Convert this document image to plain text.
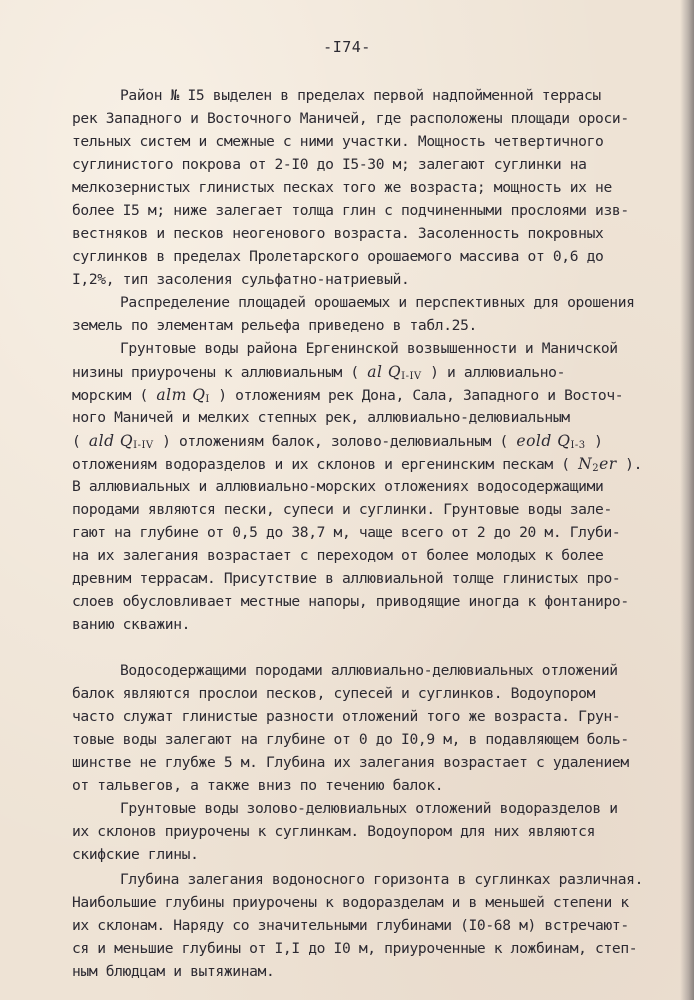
-I74-
Район № I5 выделен в пределах первой надпойменной террасы
рек Западного и Восточного Маничей, где расположены площади ороси-
тельных систем и смежные с ними участки. Мощность четвертичного
суглинистого покрова от 2-I0 до I5-30 м; залегают суглинки на
мелкозернистых глинистых песках того же возраста; мощность их не
более I5 м; ниже залегает толща глин с подчиненными прослоями изв-
вестняков и песков неогенового возраста. Засоленность покровных
суглинков в пределах Пролетарского орошаемого массива от 0,6 до
I,2%, тип засоления сульфатно-натриевый.
Распределение площадей орошаемых и перспективных для орошения
земель по элементам рельефа приведено в табл.25.
Грунтовые воды района Ергенинской возвышенности и Маничской
низины приурочены к аллювиальным ( al $Q_{I-IV}$ ) и аллювиально-
морским ( alm $Q_I$ ) отложениям рек Дона, Сала, Западного и Восточ-
ного Маничей и мелких степных рек, аллювиально-делювиальным
( ald $Q_{I-IV}$ ) отложениям балок, золово-делювиальным ( eold $Q_{I-3}$ )
отложениям водоразделов и их склонов и ергенинским пескам ( $N_2er$ ).
В аллювиальных и аллювиально-морских отложениях водосодержащими
породами являются пески, супеси и суглинки. Грунтовые воды зале-
гают на глубине от 0,5 до 38,7 м, чаще всего от 2 до 20 м. Глуби-
на их залегания возрастает с переходом от более молодых к более
древним террасам. Присутствие в аллювиальной толще глинистых про-
слоев обусловливает местные напоры, приводящие иногда к фонтаниро-
ванию скважин.
Водосодержащими породами аллювиально-делювиальных отложений
балок являются прослои песков, супесей и суглинков. Водоупором
часто служат глинистые разности отложений того же возраста. Грун-
товые воды залегают на глубине от 0 до I0,9 м, в подавляющем боль-
шинстве не глубже 5 м. Глубина их залегания возрастает с удалением
от тальвегов, а также вниз по течению балок.
Грунтовые воды золово-делювиальных отложений водоразделов и
их склонов приурочены к суглинкам. Водоупором для них являются
скифские глины.
Глубина залегания водоносного горизонта в суглинках различная.
Наибольшие глубины приурочены к водоразделам и в меньшей степени к
их склонам. Наряду со значительными глубинами (I0-68 м) встречают-
ся и меньшие глубины от I,I до I0 м, приуроченные к ложбинам, степ-
ным блюдцам и вытяжинам.
